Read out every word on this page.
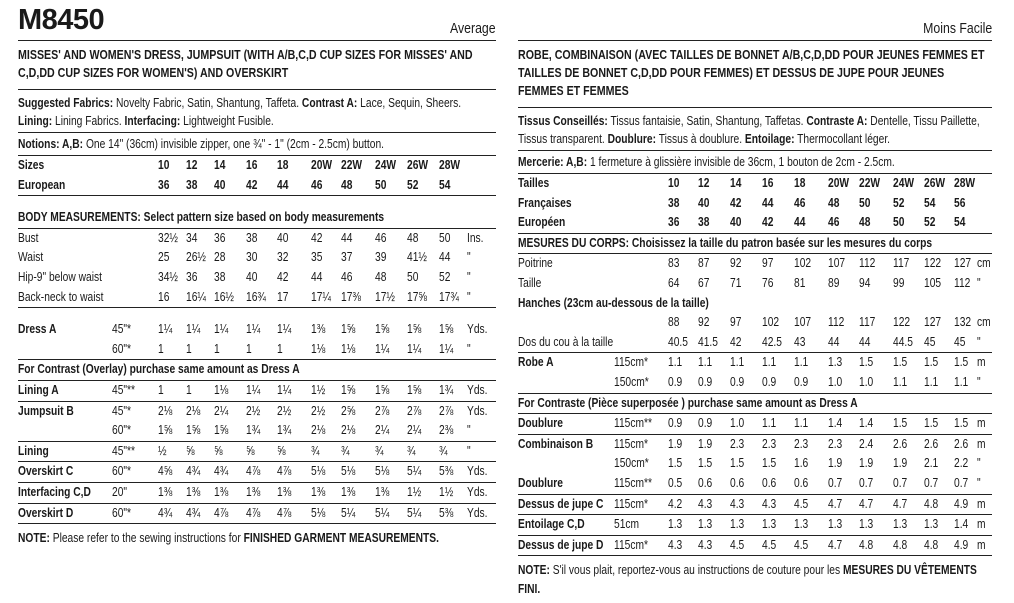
M8450	Average
MISSES' AND WOMEN'S DRESS, JUMPSUIT (WITH A/B,C,D CUP SIZES FOR MISSES' AND C,D,DD CUP SIZES FOR WOMEN'S) AND OVERSKIRT
Suggested Fabrics: Novelty Fabric, Satin, Shantung, Taffeta. Contrast A: Lace, Sequin, Sheers.
Lining: Lining Fabrics. Interfacing: Lightweight Fusible.
Notions: A,B: One 14" (36cm) invisible zipper, one ¾" - 1" (2cm - 2.5cm) button.
Sizes	10 12 14 16 18 20W 22W 24W 26W 28W
European	36 38 40 42 44 46 48 50 52 54
BODY MEASUREMENTS: Select pattern size based on body measurements
Bust	32½ 34 36 38 40 42 44 46 48 50 Ins.
Waist	25 26½ 28 30 32 35 37 39 41½ 44 "
Hip-9" below waist	34½ 36 38 40 42 44 46 48 50 52 "
Back-neck to waist	16 16¼ 16½ 16¾ 17 17¼ 17⅜ 17½ 17⅝ 17¾ "
Dress A	45"* 1¼ 1¼ 1¼ 1¼ 1¼ 1⅜ 1⅝ 1⅝ 1⅝ 1⅝ Yds.
60"* 1 1 1 1 1 1⅛ 1⅛ 1¼ 1¼ 1¼ "
For Contrast (Overlay) purchase same amount as Dress A
Lining A	45"** 1 1 1⅛ 1¼ 1¼ 1½ 1⅝ 1⅝ 1⅝ 1¾ Yds.
Jumpsuit B	45"* 2⅛ 2⅛ 2¼ 2½ 2½ 2½ 2⅝ 2⅞ 2⅞ 2⅞ Yds.
60"* 1⅝ 1⅝ 1⅝ 1¾ 1¾ 2⅛ 2⅛ 2¼ 2¼ 2⅜ "
Lining	45"** ½ ⅝ ⅝ ⅝ ⅝ ¾ ¾ ¾ ¾ ¾ "
Overskirt C	60"* 4⅝ 4¾ 4¾ 4⅞ 4⅞ 5⅛ 5⅛ 5⅛ 5¼ 5⅜ Yds.
Interfacing C,D 20" 1⅜ 1⅜ 1⅜ 1⅜ 1⅜ 1⅜ 1⅜ 1⅜ 1½ 1½ Yds.
Overskirt D	60"* 4¾ 4¾ 4⅞ 4⅞ 4⅞ 5⅛ 5¼ 5¼ 5¼ 5⅜ Yds.
NOTE: Please refer to the sewing instructions for FINISHED GARMENT MEASUREMENTS.
Moins Facile
ROBE, COMBINAISON (AVEC TAILLES DE BONNET A/B,C,D,DD POUR JEUNES FEMMES ET TAILLES DE BONNET C,D,DD POUR FEMMES) ET DESSUS DE JUPE POUR JEUNES FEMMES ET FEMMES
Tissus Conseillés: Tissus fantaisie, Satin, Shantung, Taffetas. Contraste A: Dentelle, Tissu Paillette, Tissus transparent. Doublure: Tissus à doublure. Entoilage: Thermocollant léger.
Mercerie: A,B: 1 fermeture à glissière invisible de 36cm, 1 bouton de 2cm - 2.5cm.
Tailles	10 12 14 16 18 20W 22W 24W 26W 28W
Françaises	38 40 42 44 46 48 50 52 54 56
Européen	36 38 40 42 44 46 48 50 52 54
MESURES DU CORPS: Choisissez la taille du patron basée sur les mesures du corps
Poitrine	83 87 92 97 102 107 112 117 122 127 cm
Taille	64 67 71 76 81 89 94 99 105 112 "
Hanches (23cm au-dessous de la taille)
88 92 97 102 107 112 117 122 127 132 cm
Dos du cou à la taille	40.5 41.5 42 42.5 43 44 44 44.5 45 45 "
Robe A	115cm* 1.1 1.1 1.1 1.1 1.1 1.3 1.5 1.5 1.5 1.5 m
150cm* 0.9 0.9 0.9 0.9 0.9 1.0 1.0 1.1 1.1 1.1 "
For Contraste (Pièce superposée ) purchase same amount as Dress A
Doublure	115cm** 0.9 0.9 1.0 1.1 1.1 1.4 1.4 1.5 1.5 1.5 m
Combinaison B 115cm* 1.9 1.9 2.3 2.3 2.3 2.3 2.4 2.6 2.6 2.6 m
150cm* 1.5 1.5 1.5 1.5 1.6 1.9 1.9 1.9 2.1 2.2 "
Doublure	115cm** 0.5 0.6 0.6 0.6 0.6 0.7 0.7 0.7 0.7 0.7 "
Dessus de jupe C 115cm* 4.2 4.3 4.3 4.3 4.5 4.7 4.7 4.7 4.8 4.9 m
Entoilage C,D 51cm 1.3 1.3 1.3 1.3 1.3 1.3 1.3 1.3 1.3 1.4 m
Dessus de jupe D 115cm* 4.3 4.3 4.5 4.5 4.5 4.7 4.8 4.8 4.8 4.9 m
NOTE: S'il vous plait, reportez-vous au instructions de couture pour les MESURES DU VÊTEMENTS FINI.
